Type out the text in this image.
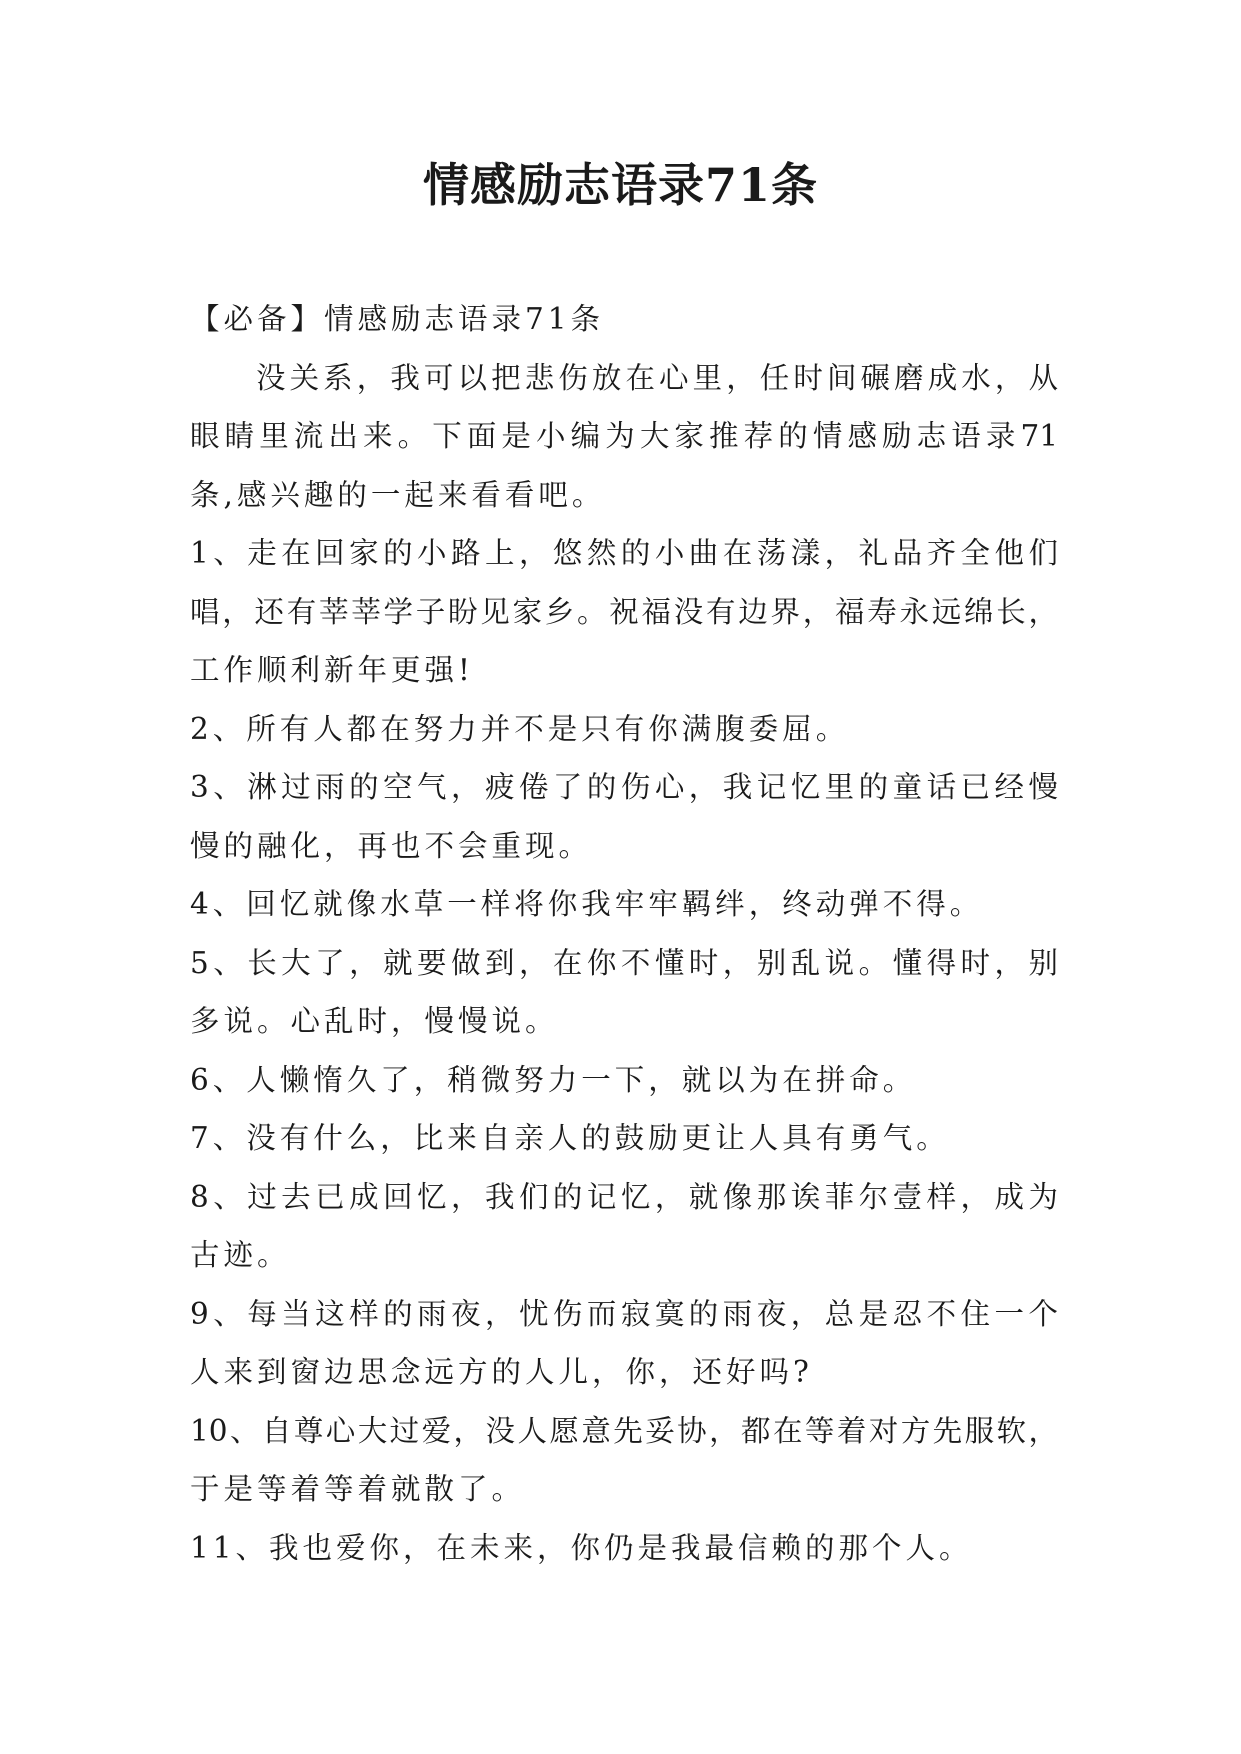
情感励志语录71条
【必备】情感励志语录71条
没关系，我可以把悲伤放在心里，任时间碾磨成水，从
眼睛里流出来。下面是小编为大家推荐的情感励志语录71
条,感兴趣的一起来看看吧。
1、走在回家的小路上，悠然的小曲在荡漾，礼品齐全他们
唱，还有莘莘学子盼见家乡。祝福没有边界，福寿永远绵长，
工作顺利新年更强!
2、所有人都在努力并不是只有你满腹委屈。
3、淋过雨的空气，疲倦了的伤心，我记忆里的童话已经慢
慢的融化，再也不会重现。
4、回忆就像水草一样将你我牢牢羁绊，终动弹不得。
5、长大了，就要做到，在你不懂时，别乱说。懂得时，别
多说。心乱时，慢慢说。
6、人懒惰久了，稍微努力一下，就以为在拼命。
7、没有什么，比来自亲人的鼓励更让人具有勇气。
8、过去已成回忆，我们的记忆，就像那诶菲尔壹样，成为
古迹。
9、每当这样的雨夜，忧伤而寂寞的雨夜，总是忍不住一个
人来到窗边思念远方的人儿，你，还好吗?
10、自尊心大过爱，没人愿意先妥协，都在等着对方先服软，
于是等着等着就散了。
11、我也爱你，在未来，你仍是我最信赖的那个人。
